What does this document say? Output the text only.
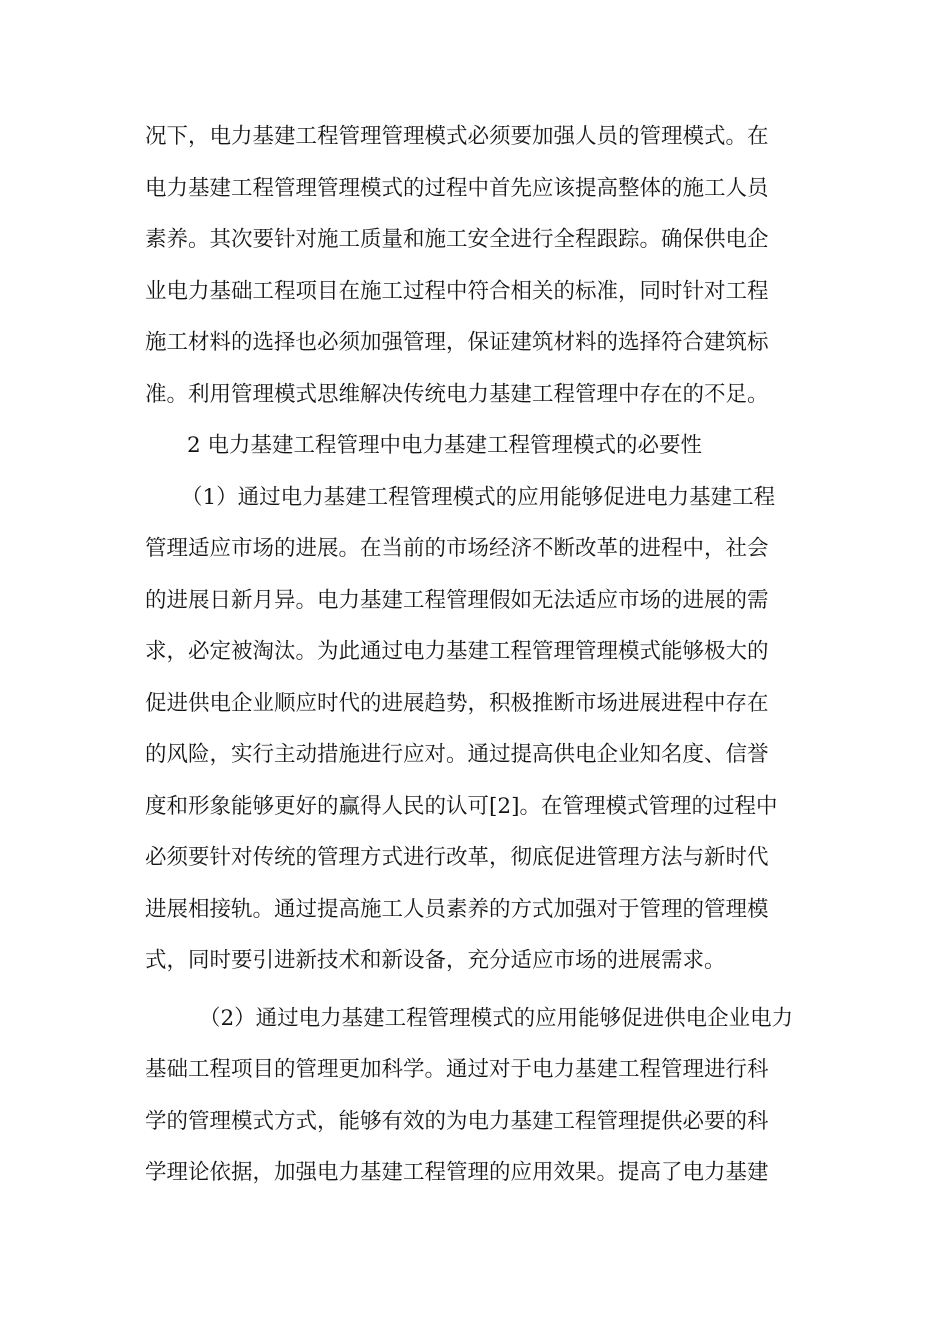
况下，电力基建工程管理管理模式必须要加强人员的管理模式。在
电力基建工程管理管理模式的过程中首先应该提高整体的施工人员
素养。其次要针对施工质量和施工安全进行全程跟踪。确保供电企
业电力基础工程项目在施工过程中符合相关的标准，同时针对工程
施工材料的选择也必须加强管理，保证建筑材料的选择符合建筑标
准。利用管理模式思维解决传统电力基建工程管理中存在的不足。
2 电力基建工程管理中电力基建工程管理模式的必要性
（1）通过电力基建工程管理模式的应用能够促进电力基建工程
管理适应市场的进展。在当前的市场经济不断改革的进程中，社会
的进展日新月异。电力基建工程管理假如无法适应市场的进展的需
求，必定被淘汰。为此通过电力基建工程管理管理模式能够极大的
促进供电企业顺应时代的进展趋势，积极推断市场进展进程中存在
的风险，实行主动措施进行应对。通过提高供电企业知名度、信誉
度和形象能够更好的赢得人民的认可[2]。在管理模式管理的过程中
必须要针对传统的管理方式进行改革，彻底促进管理方法与新时代
进展相接轨。通过提高施工人员素养的方式加强对于管理的管理模
式，同时要引进新技术和新设备，充分适应市场的进展需求。
（2）通过电力基建工程管理模式的应用能够促进供电企业电力
基础工程项目的管理更加科学。通过对于电力基建工程管理进行科
学的管理模式方式，能够有效的为电力基建工程管理提供必要的科
学理论依据，加强电力基建工程管理的应用效果。提高了电力基建
